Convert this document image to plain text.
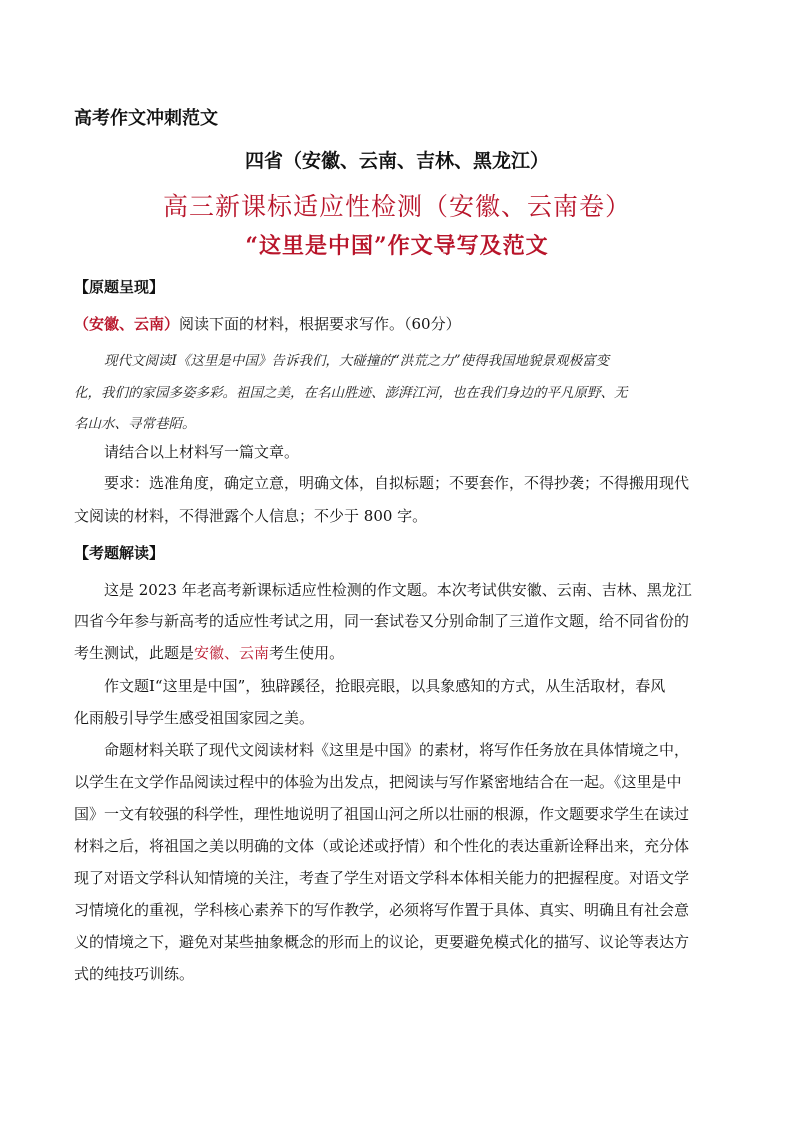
高考作文冲刺范文
四省（安徽、云南、吉林、黑龙江）
高三新课标适应性检测（安徽、云南卷）
“这里是中国”作文导写及范文
【原题呈现】
（安徽、云南）阅读下面的材料，根据要求写作。（60分）
现代文阅读Ⅰ《这里是中国》告诉我们，大碰撞的“洪荒之力”使得我国地貌景观极富变
化，我们的家园多姿多彩。祖国之美，在名山胜迹、澎湃江河，也在我们身边的平凡原野、无
名山水、寻常巷陌。
请结合以上材料写一篇文章。
要求：选准角度，确定立意，明确文体，自拟标题；不要套作，不得抄袭；不得搬用现代
文阅读的材料，不得泄露个人信息；不少于 800 字。
【考题解读】
这是 2023 年老高考新课标适应性检测的作文题。本次考试供安徽、云南、吉林、黑龙江
四省今年参与新高考的适应性考试之用，同一套试卷又分别命制了三道作文题，给不同省份的
考生测试，此题是安徽、云南考生使用。
作文题Ⅰ“这里是中国”，独辟蹊径，抢眼亮眼，以具象感知的方式，从生活取材，春风
化雨般引导学生感受祖国家园之美。
命题材料关联了现代文阅读材料《这里是中国》的素材，将写作任务放在具体情境之中，
以学生在文学作品阅读过程中的体验为出发点，把阅读与写作紧密地结合在一起。《这里是中
国》一文有较强的科学性，理性地说明了祖国山河之所以壮丽的根源，作文题要求学生在读过
材料之后，将祖国之美以明确的文体（或论述或抒情）和个性化的表达重新诠释出来，充分体
现了对语文学科认知情境的关注，考查了学生对语文学科本体相关能力的把握程度。对语文学
习情境化的重视，学科核心素养下的写作教学，必须将写作置于具体、真实、明确且有社会意
义的情境之下，避免对某些抽象概念的形而上的议论，更要避免模式化的描写、议论等表达方
式的纯技巧训练。
